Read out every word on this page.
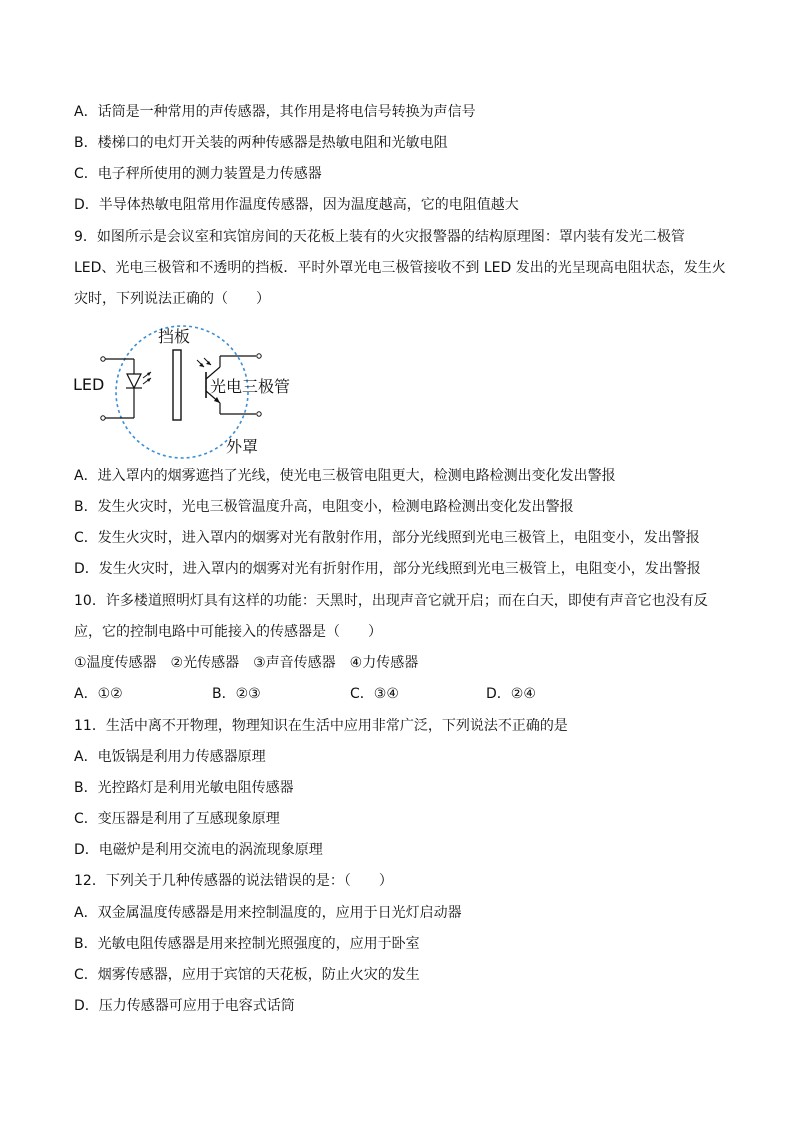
A．话筒是一种常用的声传感器，其作用是将电信号转换为声信号
B．楼梯口的电灯开关装的两种传感器是热敏电阻和光敏电阻
C．电子秤所使用的测力装置是力传感器
D．半导体热敏电阻常用作温度传感器，因为温度越高，它的电阻值越大
9．如图所示是会议室和宾馆房间的天花板上装有的火灾报警器的结构原理图：罩内装有发光二极管
LED、光电三极管和不透明的挡板．平时外罩光电三极管接收不到 LED 发出的光呈现高电阻状态，发生火
灾时，下列说法正确的（　　）
LED
挡板
光电三极管
外罩
A．进入罩内的烟雾遮挡了光线，使光电三极管电阻更大，检测电路检测出变化发出警报
B．发生火灾时，光电三极管温度升高，电阻变小，检测电路检测出变化发出警报
C．发生火灾时，进入罩内的烟雾对光有散射作用，部分光线照到光电三极管上，电阻变小，发出警报
D．发生火灾时，进入罩内的烟雾对光有折射作用，部分光线照到光电三极管上，电阻变小，发出警报
10．许多楼道照明灯具有这样的功能：天黑时，出现声音它就开启；而在白天，即使有声音它也没有反
应，它的控制电路中可能接入的传感器是（　　）
①温度传感器　②光传感器　③声音传感器　④力传感器
A．①②	B．②③	C．③④	D．②④
11．生活中离不开物理，物理知识在生活中应用非常广泛，下列说法不正确的是
A．电饭锅是利用力传感器原理
B．光控路灯是利用光敏电阻传感器
C．变压器是利用了互感现象原理
D．电磁炉是利用交流电的涡流现象原理
12．下列关于几种传感器的说法错误的是：（　　）
A．双金属温度传感器是用来控制温度的，应用于日光灯启动器
B．光敏电阻传感器是用来控制光照强度的，应用于卧室
C．烟雾传感器，应用于宾馆的天花板，防止火灾的发生
D．压力传感器可应用于电容式话筒
